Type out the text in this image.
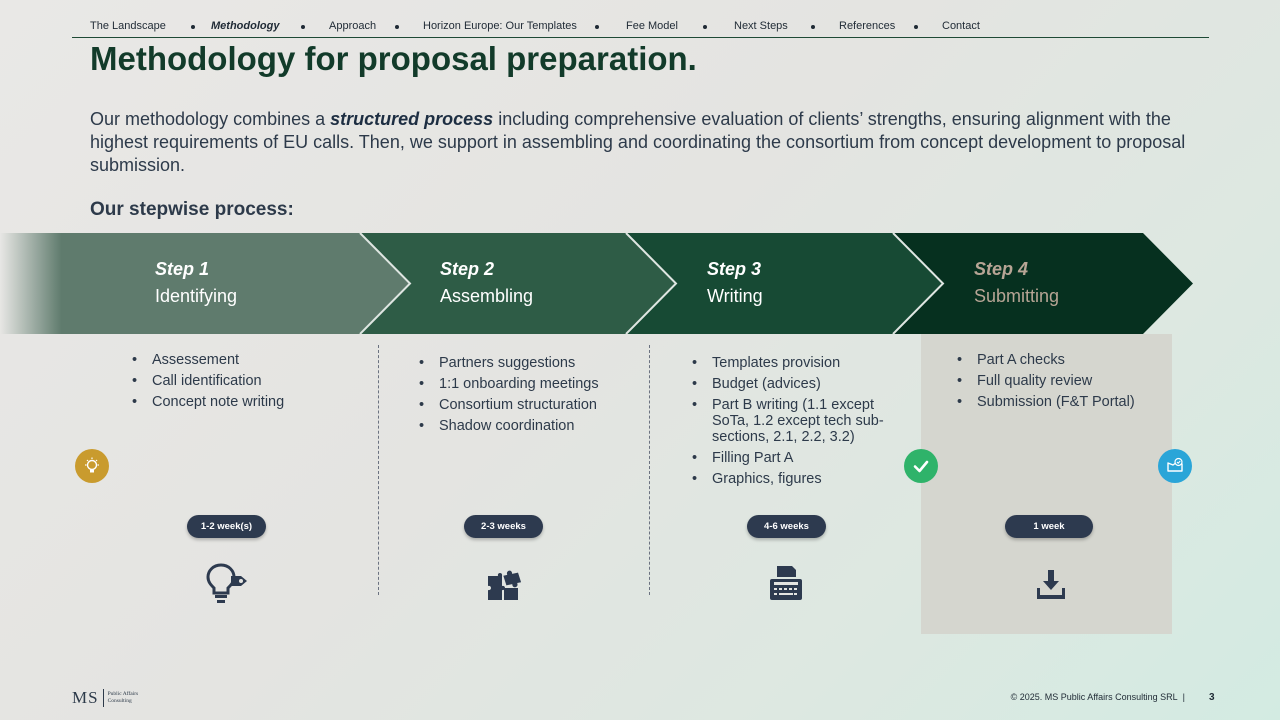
The Landscape	Methodology	Approach	Horizon Europe: Our Templates	Fee Model	Next Steps	References	Contact
Methodology for proposal preparation.

Our methodology combines a structured process including comprehensive evaluation of clients’ strengths, ensuring alignment with the highest requirements of EU calls. Then, we support in assembling and coordinating the consortium from concept development to proposal submission.

Our stepwise process:
Step 1
Identifying
Step 2
Assembling
Step 3
Writing
Step 4
Submitting
• Assessement
• Call identification
• Concept note writing
• Partners suggestions
• 1:1 onboarding meetings
• Consortium structuration
• Shadow coordination
• Templates provision
• Budget (advices)
• Part B writing (1.1 except SoTa, 1.2 except tech sub-sections, 2.1, 2.2, 3.2)
• Filling Part A
• Graphics, figures
• Part A checks
• Full quality review
• Submission (F&T Portal)
1-2 week(s)	2-3 weeks	4-6 weeks	1 week
MS Public Affairs
Consulting	© 2025. MS Public Affairs Consulting SRL | 3
